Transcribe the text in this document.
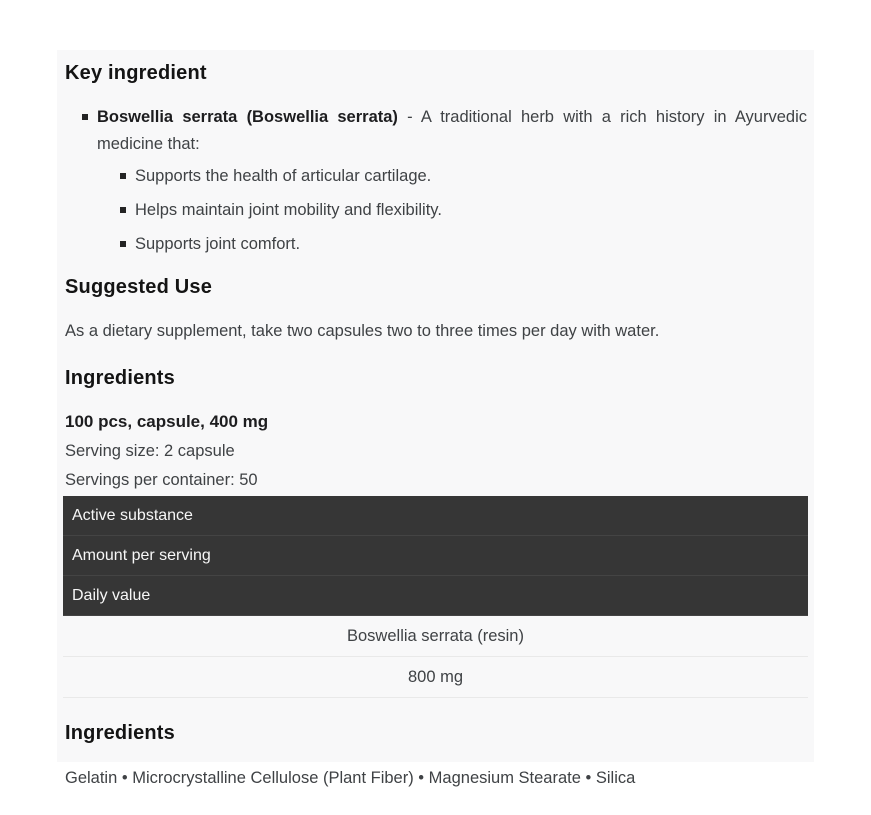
Key ingredient
Boswellia serrata (Boswellia serrata) - A traditional herb with a rich history in Ayurvedic medicine that:
Supports the health of articular cartilage.
Helps maintain joint mobility and flexibility.
Supports joint comfort.
Suggested Use

As a dietary supplement, take two capsules two to three times per day with water.

Ingredients

100 pcs, capsule, 400 mg

Serving size: 2 capsule

Servings per container: 50

Active substance
Amount per serving
Daily value
Boswellia serrata (resin)
800 mg
Ingredients

Gelatin • Microcrystalline Cellulose (Plant Fiber) • Magnesium Stearate • Silica
